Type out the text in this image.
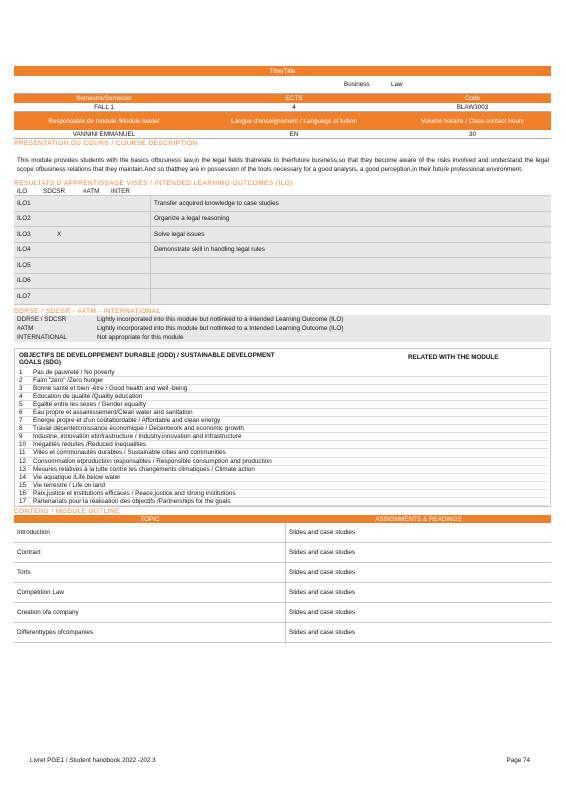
Titre/Title
Business	Law
Semestre/Semester	ECTS	Code
FALL 1	4	BLAW3003
Responsable de module /Module leader	Langue d'enseignement / Language of tuition	Volume horaire / Class contact hours
VANNINI EMMANUEL	EN	30
PRESENTATION DU COURS / COURSE DESCRIPTION
This module provides students with the basics ofbusiness law,in the legal fields thatrelate to theirfuture business,so that they become aware of the risks involved and understand the legal scope ofbusiness relations that they maintain.And so thatthey are in possession of the tools necessary for a good analysis, a good perception,in their future professional environment.
RESULTATS D'APPRENTISSAGE VISES / INTENDED LEARNING OUTCOMES (ILO)
ILO	SDCSR	#ATM	INTER
ILO1	Transfer acquired knowledge to case studies
ILO2	Organize a legal reasoning
ILO3	X	Solve legal issues
ILO4	Demonstrate skill in handling legal rules
ILO5
ILO6
ILO7
DDRSE / SDCSR - #ATM - INTERNATIONAL
DDRSE / SDCSR	Lightly incorporated into this module but notlinked to a Intended Learning Outcome (ILO)
#ATM	Lightly incorporated into this module but notlinked to a Intended Learning Outcome (ILO)
INTERNATIONAL	Not appropriate for this module
OBJECTIFS DE DEVELOPPEMENT DURABLE (ODD) / SUSTAINABLE DEVELOPMENT GOALS (SDG)
RELATED WITH THE MODULE
1	Pas de pauvreté / No poverty
2	Faim "zéro" /Zero hunger
3	Bonne santé et bien -être / Good health and well -being
4	Education de qualité /Quality education
5	Egalité entre les sexes / Gender equality
6	Eau propre et assainissement/Clean water and sanitation
7	Energie propre et d'un coûtabordable / Affordable and clean energy
8	Travail décentetcroissance économique / Decentwork and economic growth
9	Industrie, innovation etinfrastructure / Industry,innovation and infrastructure
10	Inégalités réduites /Reduced inequalities
11	Villes et communautés durables / Sustainable cities and communities
12	Consommation etproduction responsables / Responsible consumption and production
13	Mesures relatives à la lutte contre les changements climatiques / Climate action
14	Vie aquatique /Life below water
15	Vie terrestre / Life on land
16	Paix,justice et institutions efficaces / Peace,justice and strong institutions
17	Partenariats pour la réalisation des objectifs /Partnerships for the goals
CONTENU / MODULE OUTLINE
TOPIC	ASSIGNMENTS & READINGS
Introduction	Slides and case studies
Contract	Slides and case studies
Torts	Slides and case studies
Competition Law	Slides and case studies
Creation ofa company	Slides and case studies
Differenttypes ofcompanies	Slides and case studies
Livret PGE1 / Student handbook 2022 -202 3	Page 74
